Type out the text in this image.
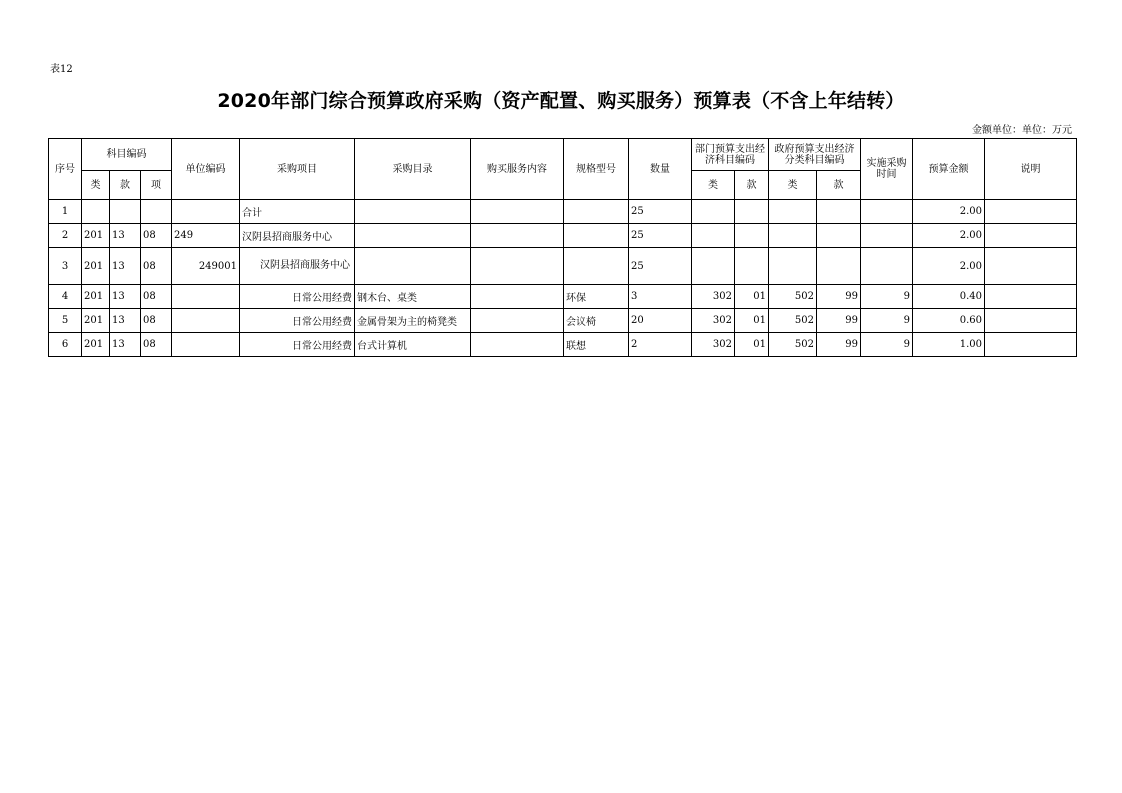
表12
2020年部门综合预算政府采购（资产配置、购买服务）预算表（不含上年结转）
金额单位：单位：万元
序号	科目编码			单位编码	采购项目	采购目录	购买服务内容	规格型号	数量	部门预算支出经济科目编码		政府预算支出经济分类科目编码		实施采购时间	预算金额	说明
	类	款	项							类	款	类	款			
1					合计				25						2.00	
2	201	13	08	249	汉阴县招商服务中心				25						2.00	
3	201	13	08	249001	汉阴县招商服务中心				25						2.00	
4	201	13	08		日常公用经费	钢木台、桌类		环保	3	302	01	502	99	9	0.40	
5	201	13	08		日常公用经费	金属骨架为主的椅凳类		会议椅	20	302	01	502	99	9	0.60	
6	201	13	08		日常公用经费	台式计算机		联想	2	302	01	502	99	9	1.00	
